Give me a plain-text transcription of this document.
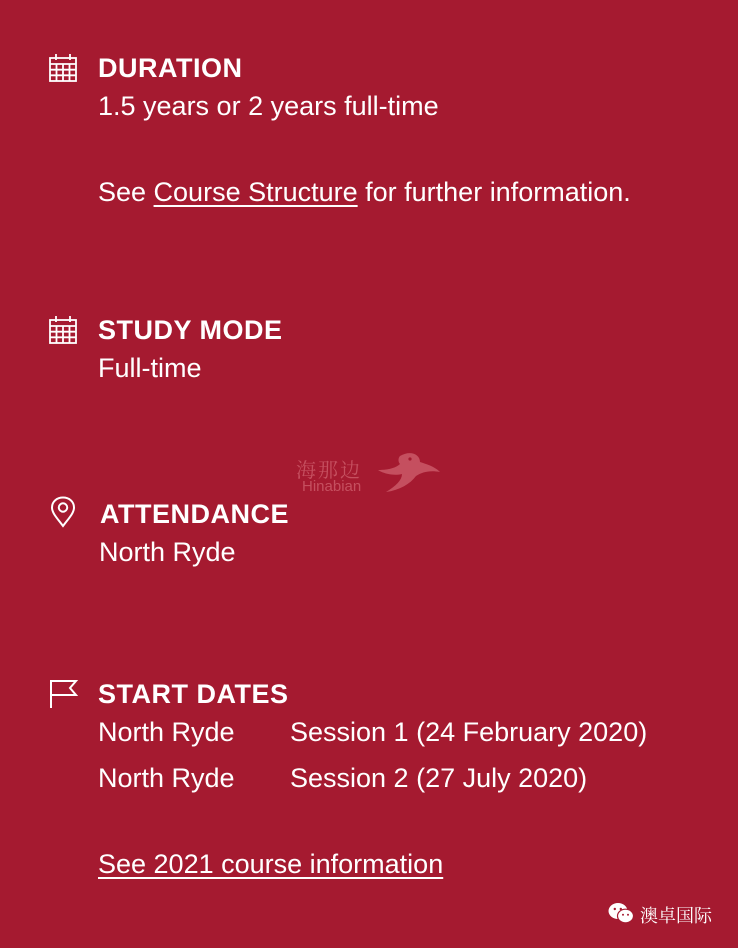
DURATION
1.5 years or 2 years full-time
See Course Structure for further information.
STUDY MODE
Full-time
海那边
Hinabian
ATTENDANCE
North Ryde
START DATES
North Ryde Session 1 (24 February 2020)
North Ryde Session 2 (27 July 2020)
See 2021 course information
澳卓国际
